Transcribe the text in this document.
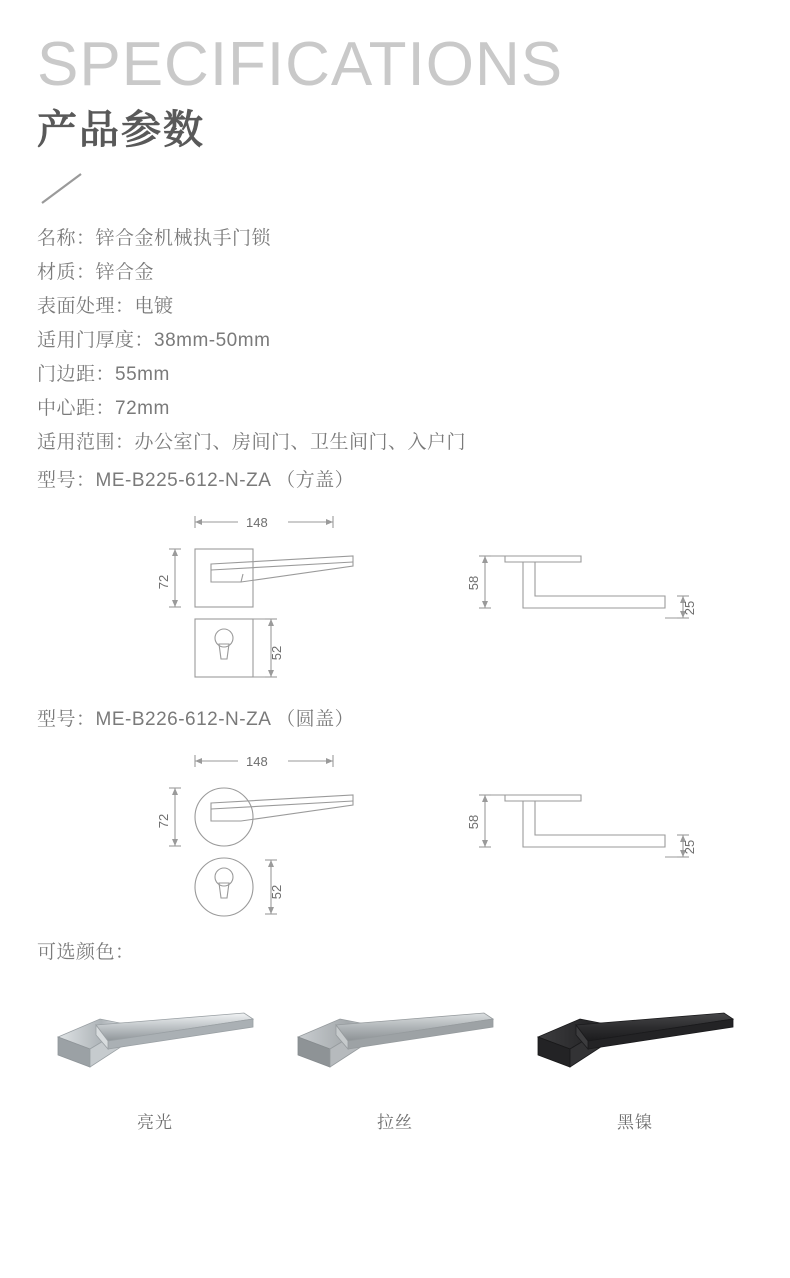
SPECIFICATIONS
产品参数
名称：锌合金机械执手门锁
材质：锌合金
表面处理：电镀
适用门厚度：38mm-50mm
门边距：55mm
中心距：72mm
适用范围：办公室门、房间门、卫生间门、入户门
型号：ME-B225-612-N-ZA （方盖）
148
72
52
58
25
型号：ME-B226-612-N-ZA （圆盖）
148
72
52
58
25
可选颜色：
亮光	拉丝	黑镍
